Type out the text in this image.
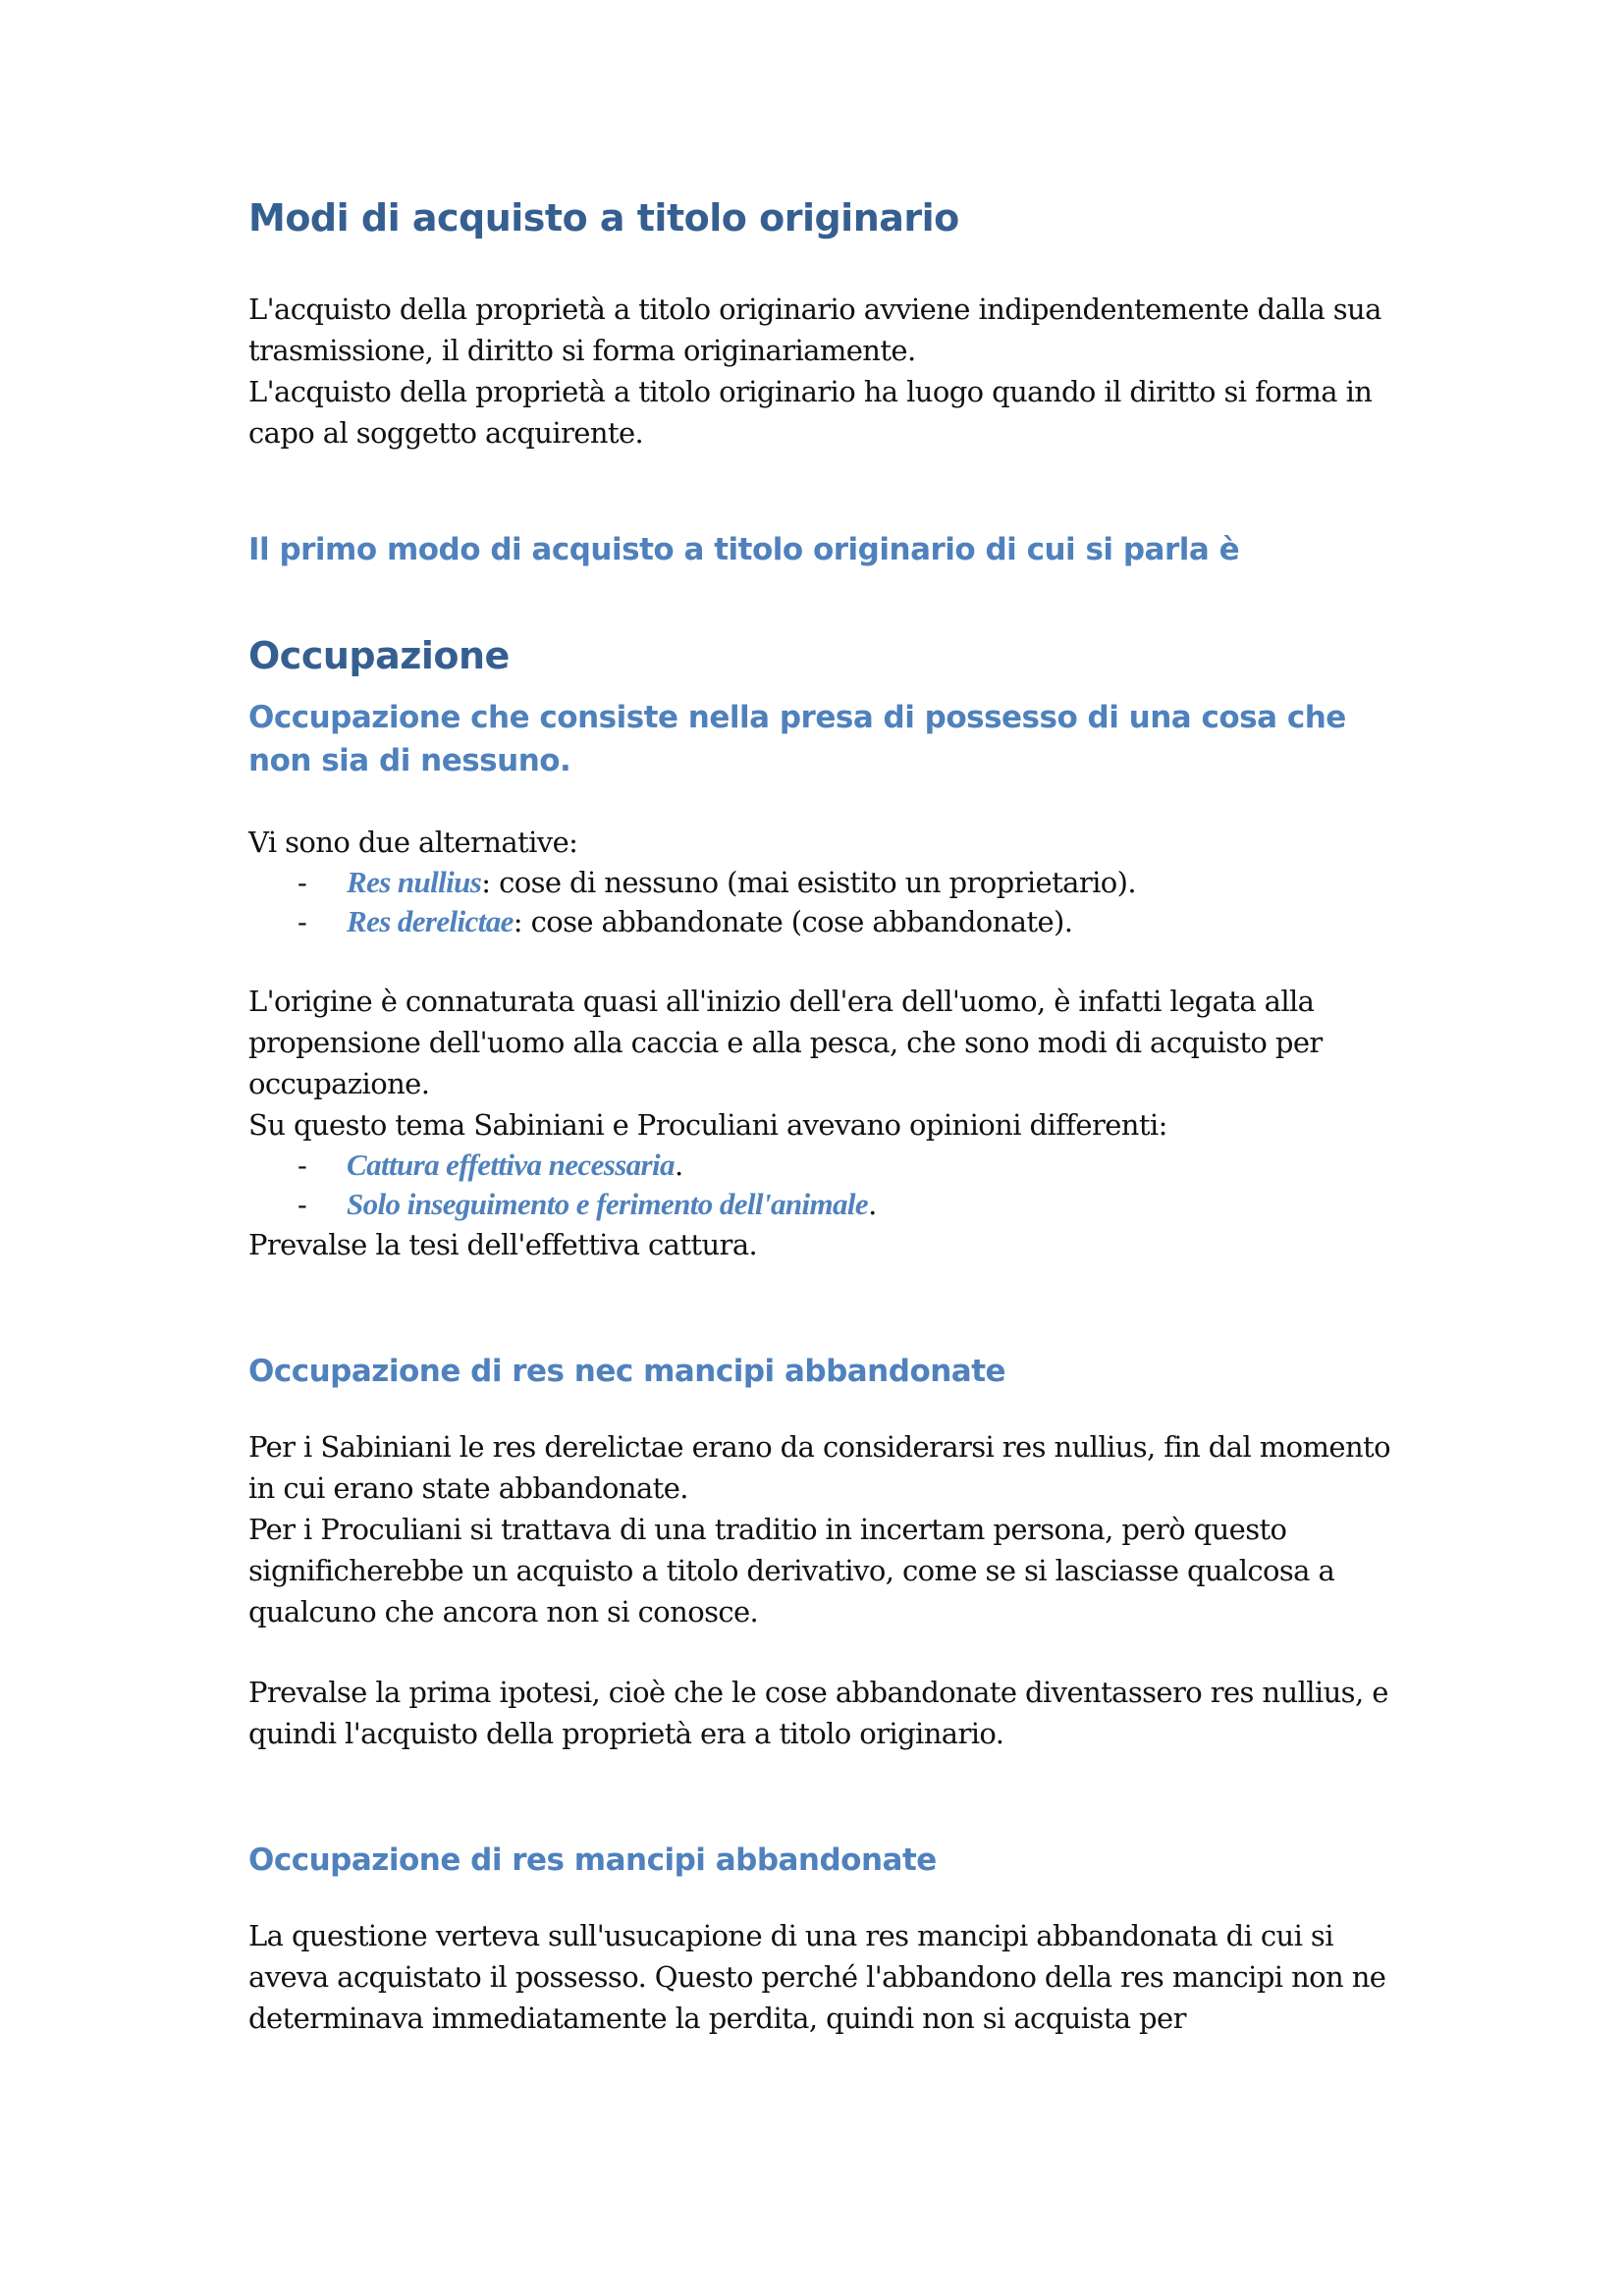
Modi di acquisto a titolo originario

L'acquisto della proprietà a titolo originario avviene indipendentemente dalla sua trasmissione, il diritto si forma originariamente.

L'acquisto della proprietà a titolo originario ha luogo quando il diritto si forma in capo al soggetto acquirente.

Il primo modo di acquisto a titolo originario di cui si parla è
Occupazione
Occupazione che consiste nella presa di possesso di una cosa che non sia di nessuno.

Vi sono due alternative:

- Res nullius: cose di nessuno (mai esistito un proprietario).
- Res derelictae: cose abbandonate (cose abbandonate).

L'origine è connaturata quasi all'inizio dell'era dell'uomo, è infatti legata alla propensione dell'uomo alla caccia e alla pesca, che sono modi di acquisto per occupazione.

Su questo tema Sabiniani e Proculiani avevano opinioni differenti:

- Cattura effettiva necessaria.
- Solo inseguimento e ferimento dell'animale.

Prevalse la tesi dell'effettiva cattura.

Occupazione di res nec mancipi abbandonate

Per i Sabiniani le res derelictae erano da considerarsi res nullius, fin dal momento in cui erano state abbandonate.

Per i Proculiani si trattava di una traditio in incertam persona, però questo significherebbe un acquisto a titolo derivativo, come se si lasciasse qualcosa a qualcuno che ancora non si conosce.

Prevalse la prima ipotesi, cioè che le cose abbandonate diventassero res nullius, e quindi l'acquisto della proprietà era a titolo originario.

Occupazione di res mancipi abbandonate

La questione verteva sull'usucapione di una res mancipi abbandonata di cui si aveva acquistato il possesso. Questo perché l'abbandono della res mancipi non ne determinava immediatamente la perdita, quindi non si acquista per
